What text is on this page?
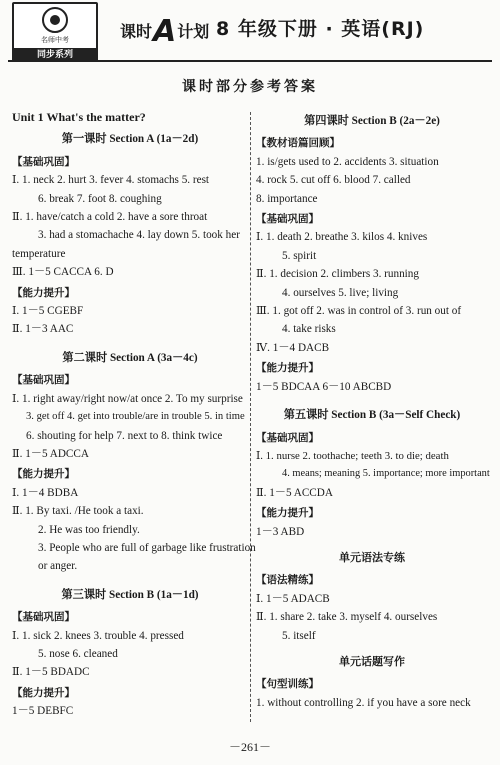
名师中考
同步系列
课时A计划 8 年级下册 · 英语(RJ)
课时部分参考答案
Unit 1 What's the matter?
第一课时 Section A (1a－2d)
【基础巩固】
Ⅰ. 1. neck 2. hurt 3. fever 4. stomachs 5. rest
6. break 7. foot 8. coughing
Ⅱ. 1. have/catch a cold 2. have a sore throat
3. had a stomachache 4. lay down 5. took her
temperature
Ⅲ. 1－5 CACCA 6. D
【能力提升】
Ⅰ. 1－5 CGEBF
Ⅱ. 1－3 AAC
第二课时 Section A (3a－4c)
【基础巩固】
Ⅰ. 1. right away/right now/at once 2. To my surprise
3. get off 4. get into trouble/are in trouble 5. in time
6. shouting for help 7. next to 8. think twice
Ⅱ. 1－5 ADCCA
【能力提升】
Ⅰ. 1－4 BDBA
Ⅱ. 1. By taxi. /He took a taxi.
2. He was too friendly.
3. People who are full of garbage like frustration
or anger.
第三课时 Section B (1a－1d)
【基础巩固】
Ⅰ. 1. sick 2. knees 3. trouble 4. pressed
5. nose 6. cleaned
Ⅱ. 1－5 BDADC
【能力提升】
1－5 DEBFC
第四课时 Section B (2a－2e)
【教材语篇回顾】
1. is/gets used to 2. accidents 3. situation
4. rock 5. cut off 6. blood 7. called
8. importance
【基础巩固】
Ⅰ. 1. death 2. breathe 3. kilos 4. knives
5. spirit
Ⅱ. 1. decision 2. climbers 3. running
4. ourselves 5. live; living
Ⅲ. 1. got off 2. was in control of 3. run out of
4. take risks
Ⅳ. 1－4 DACB
【能力提升】
1－5 BDCAA 6－10 ABCBD
第五课时 Section B (3a－Self Check)
【基础巩固】
Ⅰ. 1. nurse 2. toothache; teeth 3. to die; death
4. means; meaning 5. importance; more important
Ⅱ. 1－5 ACCDA
【能力提升】
1－3 ABD
单元语法专练
【语法精练】
Ⅰ. 1－5 ADACB
Ⅱ. 1. share 2. take 3. myself 4. ourselves
5. itself
单元话题写作
【句型训练】
1. without controlling 2. if you have a sore neck
－261－
